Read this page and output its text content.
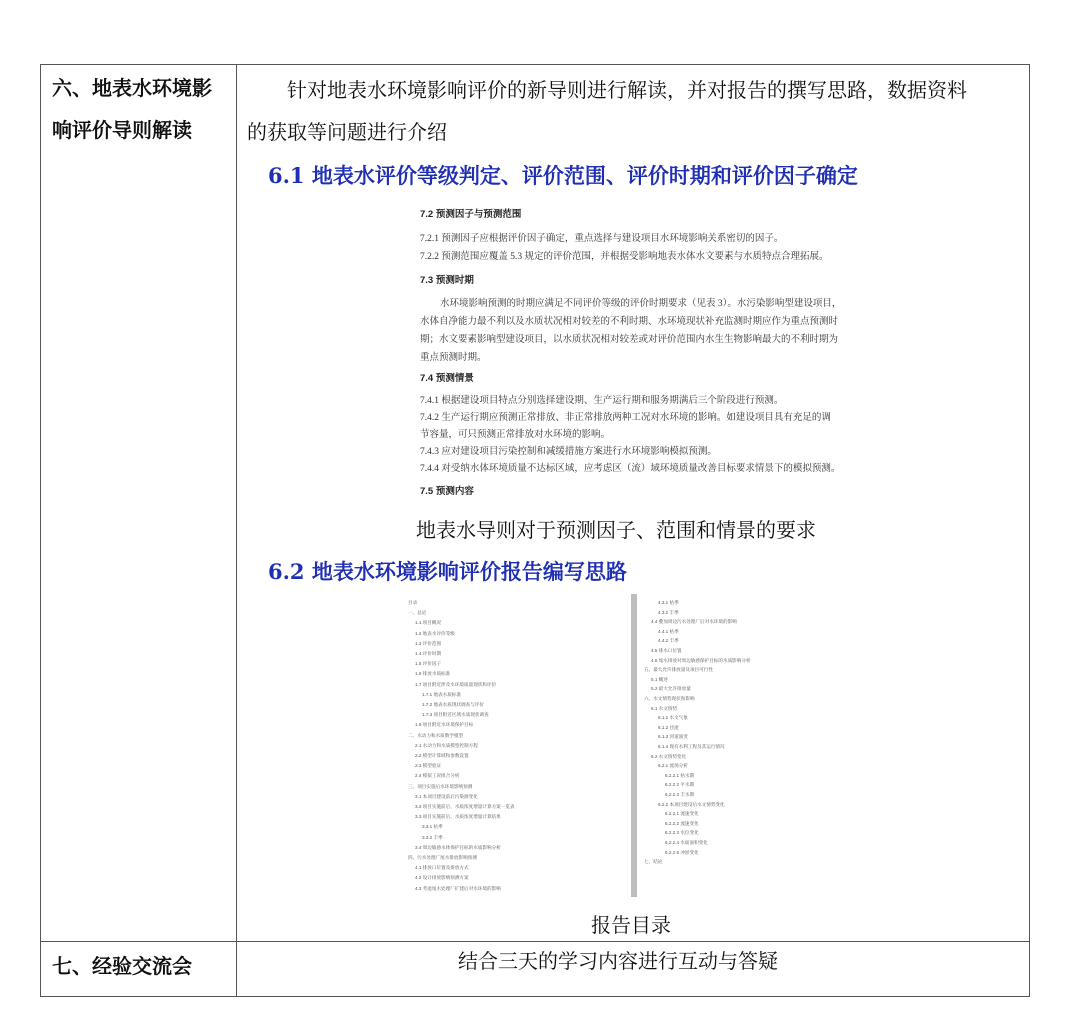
六、地表水环境影
响评价导则解读
针对地表水环境影响评价的新导则进行解读，并对报告的撰写思路，数据资料
的获取等问题进行介绍
6.1 地表水评价等级判定、评价范围、评价时期和评价因子确定
7.2 预测因子与预测范围
7.2.1 预测因子应根据评价因子确定，重点选择与建设项目水环境影响关系密切的因子。
7.2.2 预测范围应覆盖 5.3 规定的评价范围，并根据受影响地表水体水文要素与水质特点合理拓展。
7.3 预测时期
水环境影响预测的时期应满足不同评价等级的评价时期要求（见表 3）。水污染影响型建设项目，
水体自净能力最不利以及水质状况相对较差的不利时期、水环境现状补充监测时期应作为重点预测时
期；水文要素影响型建设项目，以水质状况相对较差或对评价范围内水生生物影响最大的不利时期为
重点预测时期。
7.4 预测情景
7.4.1 根据建设项目特点分别选择建设期、生产运行期和服务期满后三个阶段进行预测。
7.4.2 生产运行期应预测正常排放、非正常排放两种工况对水环境的影响。如建设项目具有充足的调
节容量，可只预测正常排放对水环境的影响。
7.4.3 应对建设项目污染控制和减缓措施方案进行水环境影响模拟预测。
7.4.4 对受纳水体环境质量不达标区域，应考虑区（流）域环境质量改善目标要求情景下的模拟预测。
7.5 预测内容
地表水导则对于预测因子、范围和情景的要求
6.2 地表水环境影响评价报告编写思路
目录
一、总论
1.1 项目概况
1.2 地表水评价等级
1.3 评价范围
1.4 评价时期
1.5 评价因子
1.6 排放水质标准
1.7 项目附近涉及水环境质量现状和评价
1.7.1 地表水质标准
1.7.2 地表水质现状调查与评价
1.7.3 项目附近区域水质现状调查
1.8 项目附近水环境保护目标
二、水动力和水质数学模型
2.1 水动力和水质模型控制方程
2.2 模型计算域和参数设置
2.3 模型验证
2.4 模拟工况组合分析
三、项目实施后水环境影响预测
3.1 本项目建设前后污染源变化
3.2 项目实施前后、水质浓度增量计算方案一览表
3.3 项目实施前后、水质浓度增量计算结果
3.3.1 枯季
3.3.2 丰季
3.4 周边敏感水体保护目标的水质影响分析
四、污水处理厂尾水排放影响预测
4.1 排放口位置及排放方式
4.2 设计排放影响预测方案
4.3 考虑尾水处理厂扩建后对水环境的影响
4.3.1 枯季
4.3.2 丰季
4.4 叠加周边污水处理厂后对水环境的影响
4.4.1 枯季
4.4.2 丰季
4.5 排水口位置
4.6 尾水排放对周边敏感保护目标的水质影响分析
五、最大允许排放量及项目可行性
5.1 概述
5.2 最大允许排放量
六、水文情势现状和影响
6.1 水文情势
6.1.1 水文气象
6.1.2 径流
6.1.3 河道演变
6.1.4 现有水利工程及其运行情况
6.2 水文情势变化
6.2.1 流场分析
6.2.2.1 枯水期
6.2.2.2 平水期
6.2.2.3 丰水期
6.2.2 本项目建设后水文情势变化
6.2.2.1 流速变化
6.2.2.2 流速变化
6.2.2.3 水位变化
6.2.2.4 水面面积变化
6.2.2.5 冲淤变化
七、结论
报告目录
七、经验交流会	结合三天的学习内容进行互动与答疑
